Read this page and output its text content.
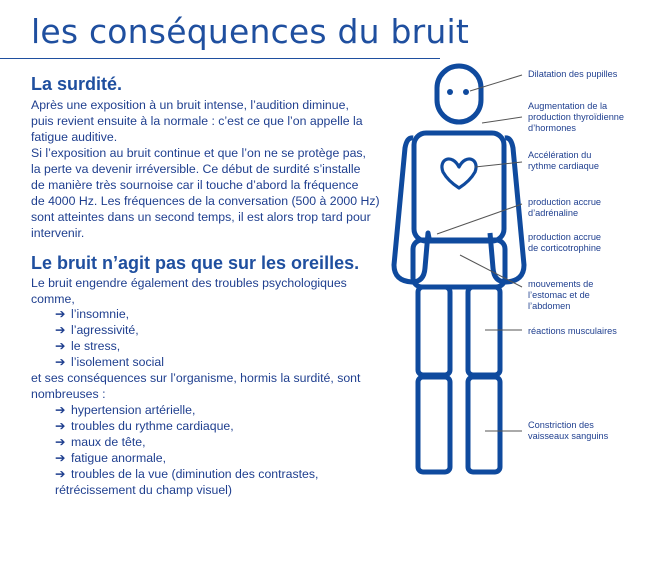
les conséquences du bruit
La surdité.

Après une exposition à un bruit intense, l’audition diminue,
puis revient ensuite à la normale : c’est ce que l’on appelle la
fatigue auditive.
Si l’exposition au bruit continue et que l’on ne se protège pas,
la perte va devenir irréversible. Ce début de surdité s’installe
de manière très sournoise car il touche d’abord la fréquence
de 4000 Hz. Les fréquences de la conversation (500 à 2000 Hz)
sont atteintes dans un second temps, il est alors trop tard pour
intervenir.

Le bruit n’agit pas que sur les oreilles.

Le bruit engendre également des troubles psychologiques
comme,

➔ l’insomnie,
➔ l’agressivité,
➔ le stress,
➔ l’isolement social

et ses conséquences sur l’organisme, hormis la surdité, sont
nombreuses :

➔ hypertension artérielle,
➔ troubles du rythme cardiaque,
➔ maux de tête,
➔ fatigue anormale,
➔ troubles de la vue (diminution des contrastes,
rétrécissement du champ visuel)
Dilatation des pupilles
Augmentation de la
production thyroïdienne
d’hormones
Accélération du
rythme cardiaque
production accrue
d’adrénaline
production accrue
de corticotrophine
mouvements de
l’estomac et de
l’abdomen
réactions musculaires
Constriction des
vaisseaux sanguins
